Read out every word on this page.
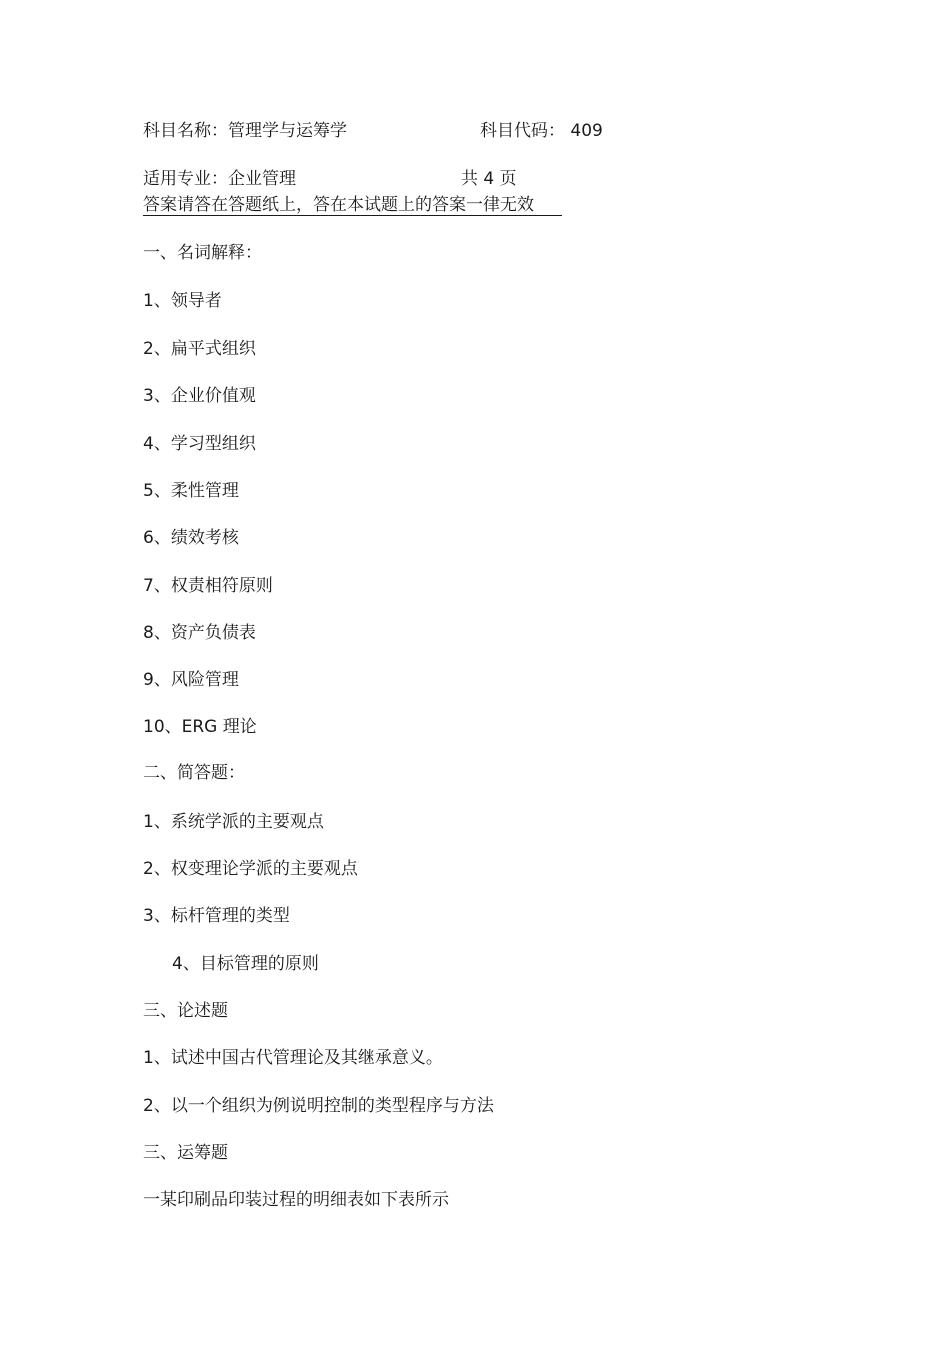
科目名称：管理学与运筹学	科目代码： 409
适用专业：企业管理	共 4 页
答案请答在答题纸上，答在本试题上的答案一律无效
一、名词解释：
1、领导者
2、扁平式组织
3、企业价值观
4、学习型组织
5、柔性管理
6、绩效考核
7、权责相符原则
8、资产负债表
9、风险管理
10、ERG 理论
二、简答题：
1、系统学派的主要观点
2、权变理论学派的主要观点
3、标杆管理的类型
4、目标管理的原则
三、论述题
1、试述中国古代管理论及其继承意义。
2、以一个组织为例说明控制的类型程序与方法
三、运筹题
一某印刷品印装过程的明细表如下表所示
